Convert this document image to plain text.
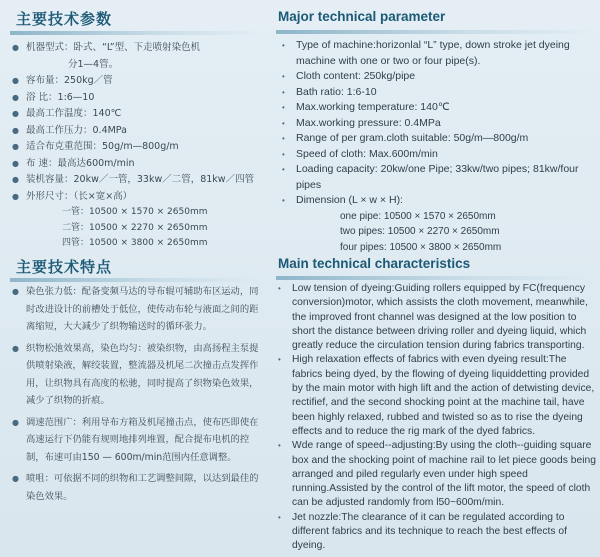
主要技术参数
● 机器型式：卧式、“L”型、下走喷射染色机
分1—4管。
● 容布量：250kg／管
● 浴 比：1:6—10
● 最高工作温度：140℃
● 最高工作压力：0.4MPa
● 适合布克重范围：50g/m—800g/m
● 布 速：最高达600m/min
● 装机容量：20kw／一管，33kw／二管，81kw／四管
● 外形尺寸：（长×宽×高）
一管：10500 × 1570 × 2650mm
二管：10500 × 2270 × 2650mm
四管：10500 × 3800 × 2650mm
主要技术特点
● 染色张力低：配备变频马达的导布辊可辅助布区运动，同时改进设计的前槽处于低位，使传动布轮与液面之间的距离缩短，大大减少了织物输送时的循环张力。
● 织物松弛效果高，染色均匀：被染织物，由高扬程主泵提供喷射染液，解绞装置，整流器及机尾二次撞击点发挥作用，让织物具有高度的松驰，同时提高了织物染色效果，减少了织物的折痕。
● 调速范围广：利用导布方箱及机尾撞击点，使布匹即使在高速运行下仍能有规则地排列堆置，配合提布电机的控制，布速可由150 — 600m/min范围内任意调整。
● 喷咀：可依据不同的织物和工艺调整间隙，以达到最佳的染色效果。
Major technical parameter
•	Type of machine:horizonlal “L” type, down stroke jet dyeing machine with one or two or four pipe(s).
•	Cloth content: 250kg/pipe
•	Bath ratio: 1:6-10
•	Max.working temperature: 140℃
•	Max.working pressure: 0.4MPa
•	Range of per gram.cloth suitable: 50g/m—800g/m
•	Speed of cloth: Max.600m/min
•	Loading capacity: 20kw/one Pipe; 33kw/two pipes; 81kw/four pipes
•	Dimension (L × w × H):
one pipe: 10500 × 1570 × 2650mm
two pipes: 10500 × 2270 × 2650mm
four pipes: 10500 × 3800 × 2650mm
Main technical characteristics
•	Low tension of dyeing:Guiding rollers equipped by FC(frequency conversion)motor, which assists the cloth movement, meanwhile, the improved front channel was designed at the low position to short the distance between driving roller and dyeing liquid, which greatly reduce the circulation tension during fabrics transporting.
•	High relaxation effects of fabrics with even dyeing result:The fabrics being dyed, by the flowing of dyeing liquiddetting provided by the main motor with high lift and the action of detwisting device, rectifief, and the second shocking point at the machine tail, have been highly relaxed, rubbed and twisted so as to rise the dyeing effects and to reduce the rig mark of the dyed fabrics.
•	Wde range of speed--adjusting:By using the cloth--guiding square box and the shocking point of machine rail to let piece goods being arranged and piled regularly even under high speed running.Assisted by the control of the lift motor, the speed of cloth can be adjusted randomly from l50~600m/min.
•	Jet nozzle:The clearance of it can be regulated according to different fabrics and its technique to reach the best effects of dyeing.
